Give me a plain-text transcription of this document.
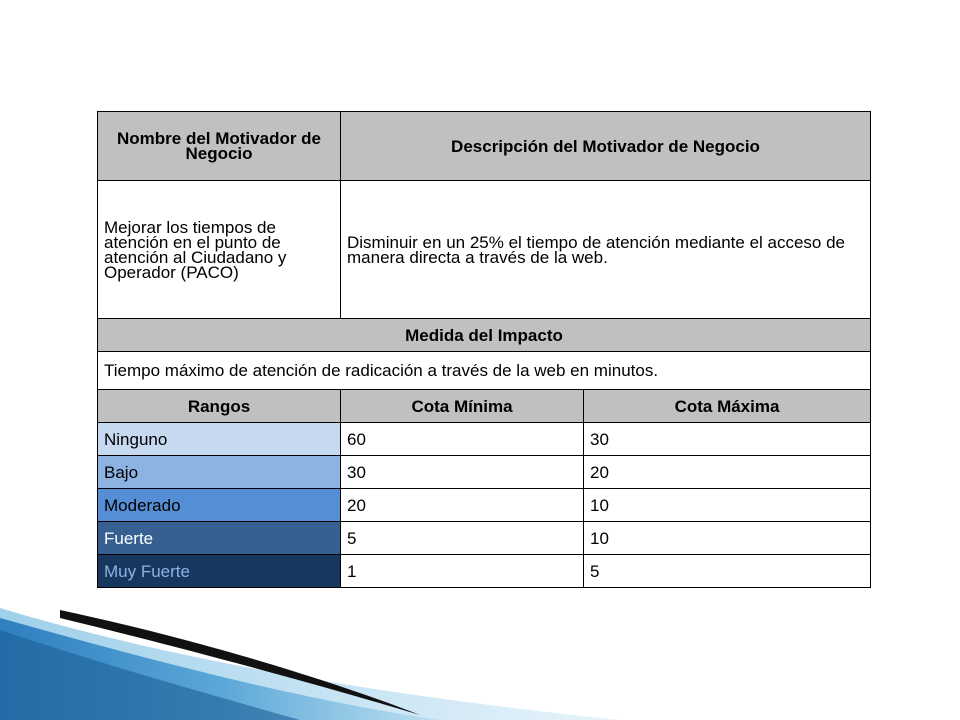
Nombre del Motivador de Negocio	Descripción del Motivador de Negocio	
Mejorar los tiempos de atención en el punto de atención al Ciudadano y Operador (PACO)	Disminuir en un 25% el tiempo de atención mediante el acceso de manera directa a través de la web.	
Medida del Impacto		
Tiempo máximo de atención de radicación a través de la web en minutos.		
Rangos	Cota Mínima	Cota Máxima
Ninguno	60	30
Bajo	30	20
Moderado	20	10
Fuerte	5	10
Muy Fuerte	1	5
